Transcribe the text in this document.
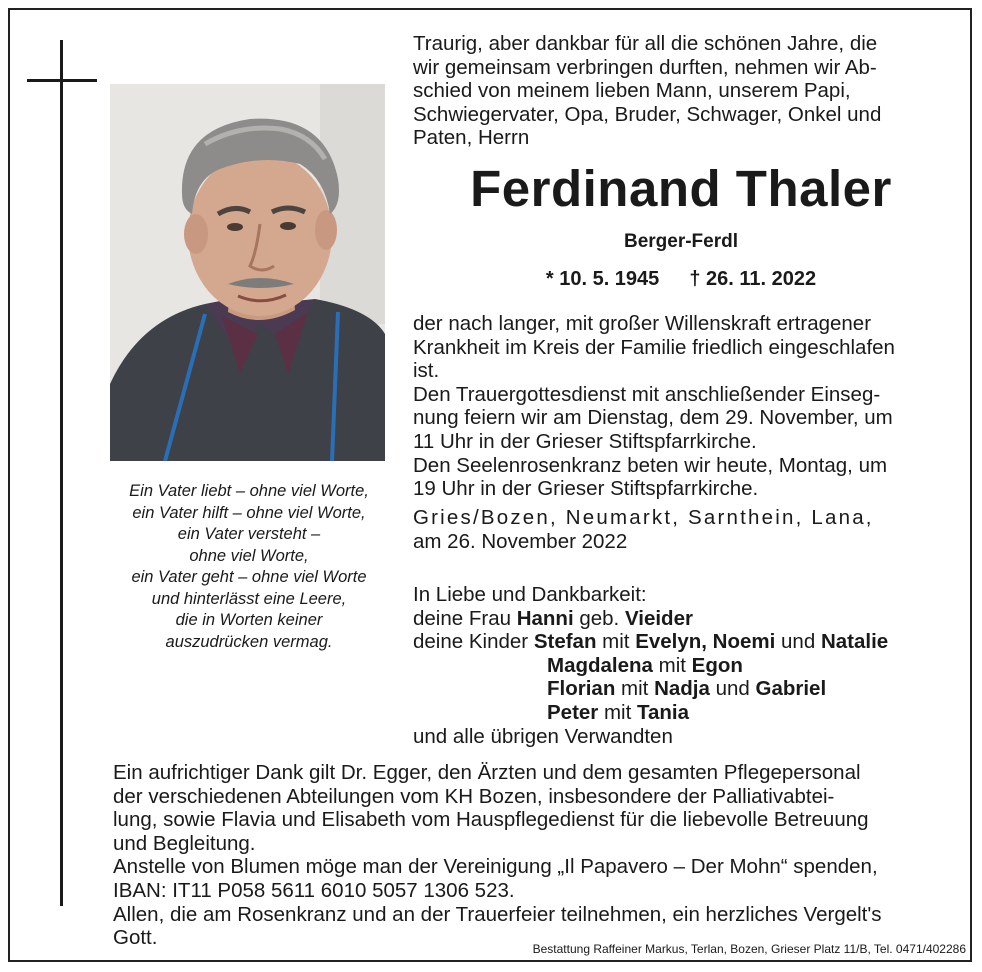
Ein Vater liebt – ohne viel Worte,
ein Vater hilft – ohne viel Worte,
ein Vater versteht –
ohne viel Worte,
ein Vater geht – ohne viel Worte
und hinterlässt eine Leere,
die in Worten keiner
auszudrücken vermag.
Traurig, aber dankbar für all die schönen Jahre, die
wir gemeinsam verbringen durften, nehmen wir Ab-
schied von meinem lieben Mann, unserem Papi,
Schwiegervater, Opa, Bruder, Schwager, Onkel und
Paten, Herrn
Ferdinand Thaler
Berger-Ferdl
* 10. 5. 1945 † 26. 11. 2022
der nach langer, mit großer Willenskraft ertragener
Krankheit im Kreis der Familie friedlich eingeschlafen
ist.
Den Trauergottesdienst mit anschließender Einseg-
nung feiern wir am Dienstag, dem 29. November, um
11 Uhr in der Grieser Stiftspfarrkirche.
Den Seelenrosenkranz beten wir heute, Montag, um
19 Uhr in der Grieser Stiftspfarrkirche.
Gries/Bozen, Neumarkt, Sarnthein, Lana,
am 26. November 2022
In Liebe und Dankbarkeit:
deine Frau Hanni geb. Vieider
deine Kinder Stefan mit Evelyn, Noemi und Natalie
Magdalena mit Egon
Florian mit Nadja und Gabriel
Peter mit Tania
und alle übrigen Verwandten
Ein aufrichtiger Dank gilt Dr. Egger, den Ärzten und dem gesamten Pflegepersonal
der verschiedenen Abteilungen vom KH Bozen, insbesondere der Palliativabtei-
lung, sowie Flavia und Elisabeth vom Hauspflegedienst für die liebevolle Betreuung
und Begleitung.
Anstelle von Blumen möge man der Vereinigung „Il Papavero – Der Mohn“ spenden,
IBAN: IT11 P058 5611 6010 5057 1306 523.
Allen, die am Rosenkranz und an der Trauerfeier teilnehmen, ein herzliches Vergelt's
Gott.	Bestattung Raffeiner Markus, Terlan, Bozen, Grieser Platz 11/B, Tel. 0471/402286
